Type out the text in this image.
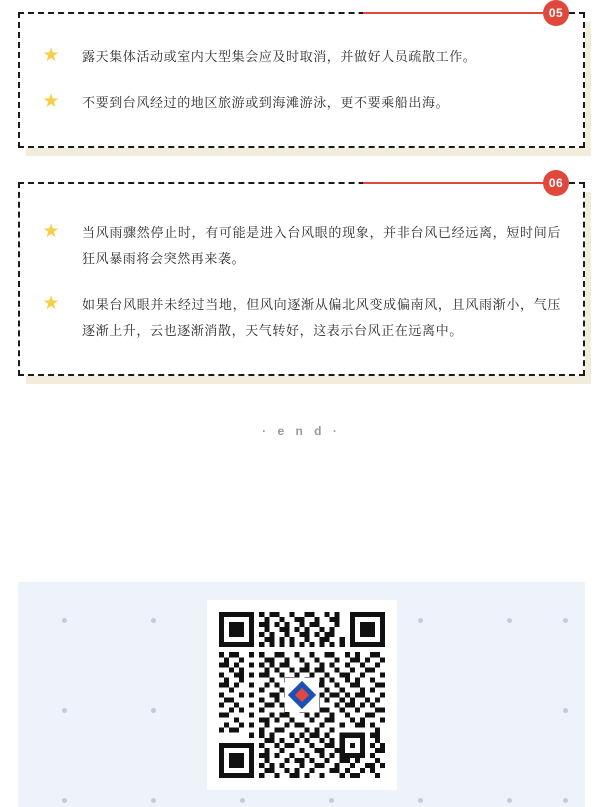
05
★ 露天集体活动或室内大型集会应及时取消，并做好人员疏散工作。
★ 不要到台风经过的地区旅游或到海滩游泳，更不要乘船出海。
06
★ 当风雨骤然停止时，有可能是进入台风眼的现象，并非台风已经远离，短时间后狂风暴雨将会突然再来袭。
★ 如果台风眼并未经过当地，但风向逐渐从偏北风变成偏南风，且风雨渐小，气压逐渐上升，云也逐渐消散，天气转好，这表示台风正在远离中。
· e n d ·
